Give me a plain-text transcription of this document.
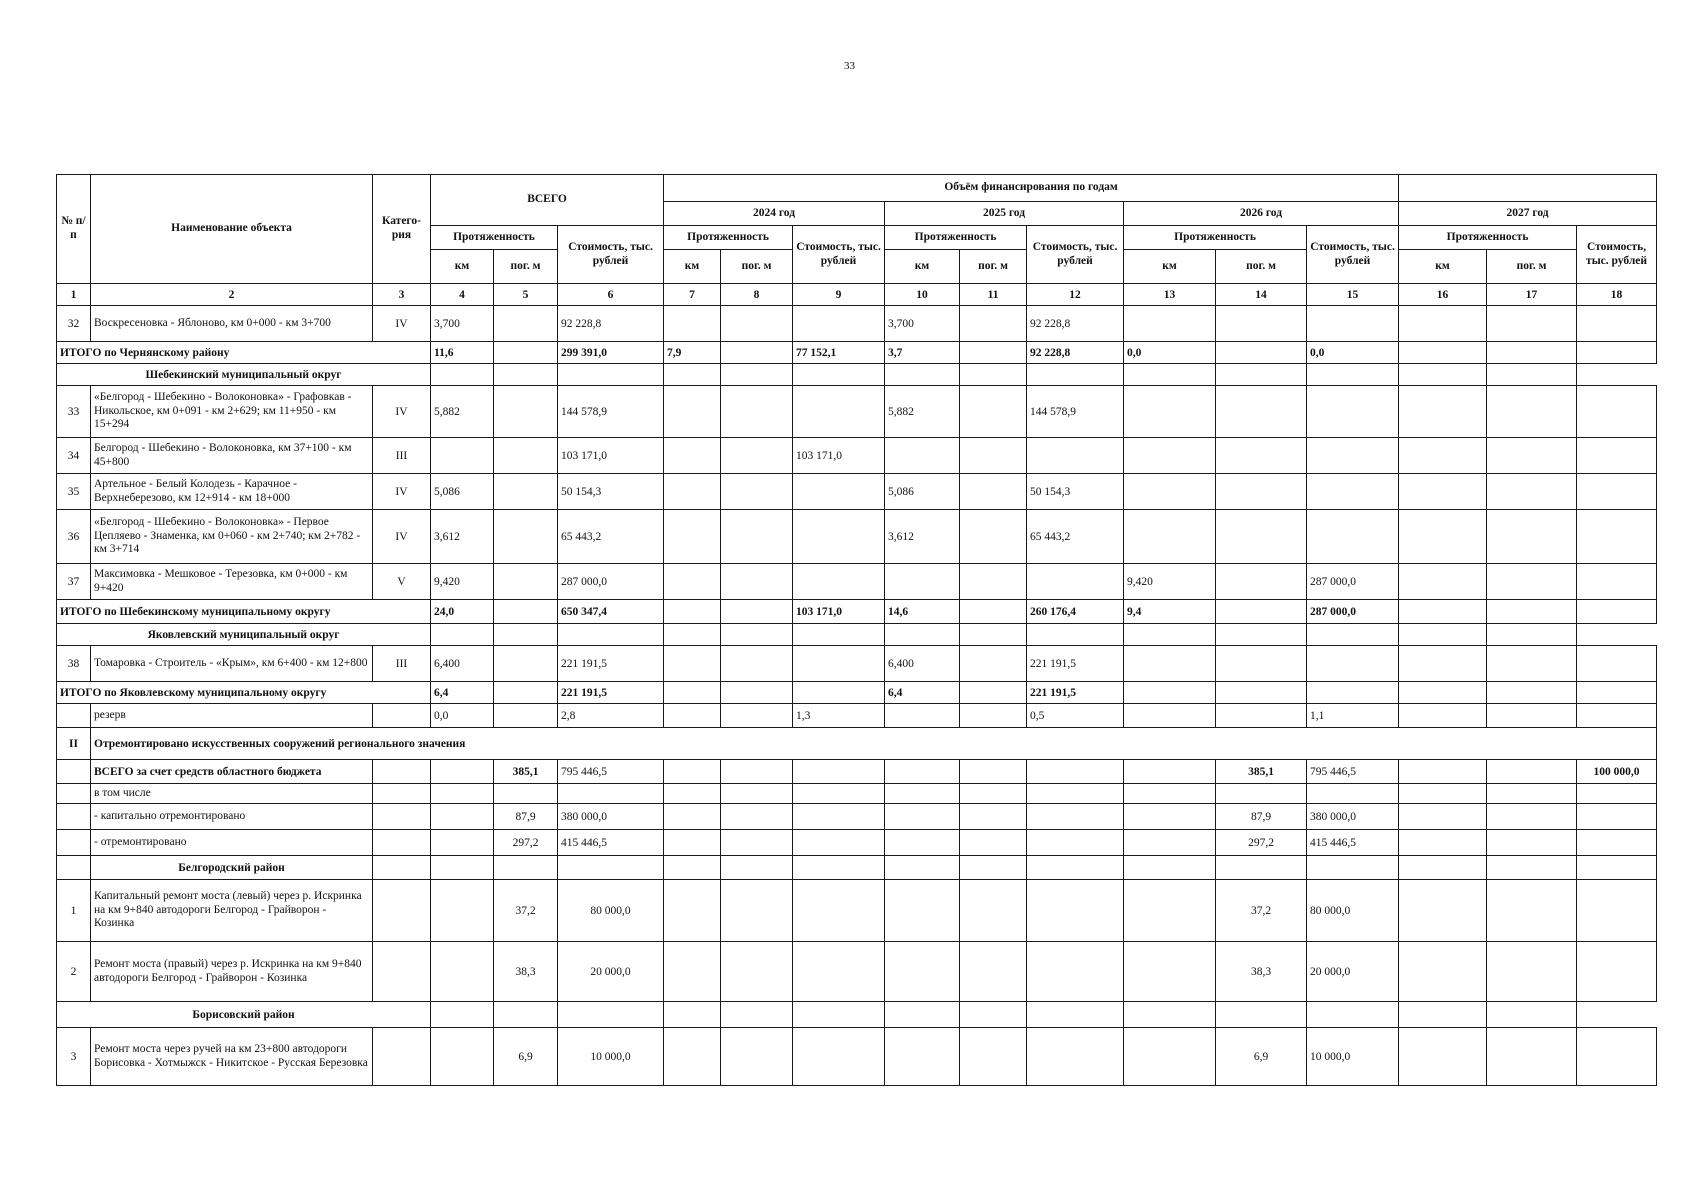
33
№ п/п	Наименование объекта	Катего-рия	ВСЕГО			Объём финансирования по годам											
						2024 год			2025 год			2026 год			2027 год		
			Протяженность		Стоимость, тыс. рублей	Протяженность		Стоимость, тыс. рублей	Протяженность		Стоимость, тыс. рублей	Протяженность		Стоимость, тыс. рублей	Протяженность		Стоимость, тыс. рублей
			км	пог. м		км	пог. м		км	пог. м		км	пог. м		км	пог. м	
1	2	3	4	5	6	7	8	9	10	11	12	13	14	15	16	17	18
32	Воскресеновка - Яблоново, км 0+000 - км 3+700	IV	3,700		92 228,8				3,700		92 228,8						
ИТОГО по Чернянскому району			11,6		299 391,0	7,9		77 152,1	3,7		92 228,8	0,0		0,0			
Шебекинский муниципальный округ																	
33	«Белгород - Шебекино - Волоконовка» - Графовкав - Никольское, км 0+091 - км 2+629; км 11+950 - км 15+294	IV	5,882		144 578,9				5,882		144 578,9						
34	Белгород - Шебекино - Волоконовка, км 37+100 - км 45+800	III			103 171,0			103 171,0									
35	Артельное - Белый Колодезь - Карачное - Верхнеберезово, км 12+914 - км 18+000	IV	5,086		50 154,3				5,086		50 154,3						
36	«Белгород - Шебекино - Волоконовка» - Первое Цепляево - Знаменка, км 0+060 - км 2+740; км 2+782 - км 3+714	IV	3,612		65 443,2				3,612		65 443,2						
37	Максимовка - Мешковое - Терезовка, км 0+000 - км 9+420	V	9,420		287 000,0							9,420		287 000,0			
ИТОГО по Шебекинскому муниципальному округу			24,0		650 347,4			103 171,0	14,6		260 176,4	9,4		287 000,0			
Яковлевский муниципальный округ																	
38	Томаровка - Строитель - «Крым», км 6+400 - км 12+800	III	6,400		221 191,5				6,400		221 191,5						
ИТОГО по Яковлевскому муниципальному округу			6,4		221 191,5				6,4		221 191,5						
	резерв		0,0		2,8			1,3			0,5			1,1			
II	Отремонтировано искусственных сооружений регионального значения																
	ВСЕГО за счет средств областного бюджета			385,1	795 446,5								385,1	795 446,5			100 000,0
	в том числе																
	- капитально отремонтировано			87,9	380 000,0								87,9	380 000,0			
	- отремонтировано			297,2	415 446,5								297,2	415 446,5			
	Белгородский район																
1	Капитальный ремонт моста (левый) через р. Искринка на км 9+840 автодороги Белгород - Грайворон - Козинка			37,2	80 000,0								37,2	80 000,0			
2	Ремонт моста (правый) через р. Искринка на км 9+840 автодороги Белгород - Грайворон - Козинка			38,3	20 000,0								38,3	20 000,0			
Борисовский район																	
3	Ремонт моста через ручей на км 23+800 автодороги Борисовка - Хотмыжск - Никитское - Русская Березовка			6,9	10 000,0								6,9	10 000,0			
